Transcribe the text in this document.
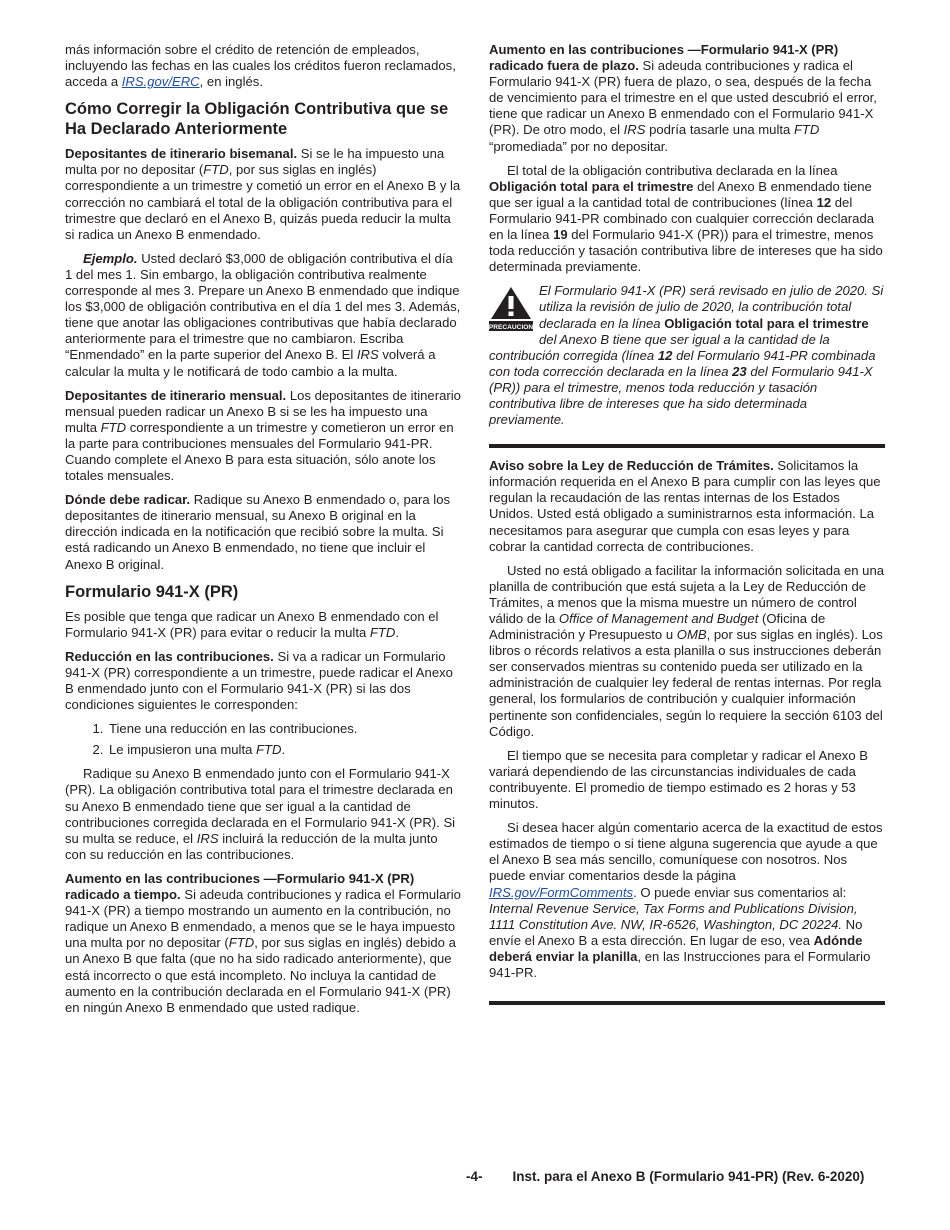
más información sobre el crédito de retención de empleados, incluyendo las fechas en las cuales los créditos fueron reclamados, acceda a IRS.gov/ERC, en inglés.

Cómo Corregir la Obligación Contributiva que se Ha Declarado Anteriormente

Depositantes de itinerario bisemanal. Si se le ha impuesto una multa por no depositar (FTD, por sus siglas en inglés) correspondiente a un trimestre y cometió un error en el Anexo B y la corrección no cambiará el total de la obligación contributiva para el trimestre que declaró en el Anexo B, quizás pueda reducir la multa si radica un Anexo B enmendado.

Ejemplo. Usted declaró $3,000 de obligación contributiva el día 1 del mes 1. Sin embargo, la obligación contributiva realmente corresponde al mes 3. Prepare un Anexo B enmendado que indique los $3,000 de obligación contributiva en el día 1 del mes 3. Además, tiene que anotar las obligaciones contributivas que había declarado anteriormente para el trimestre que no cambiaron. Escriba “Enmendado” en la parte superior del Anexo B. El IRS volverá a calcular la multa y le notificará de todo cambio a la multa.

Depositantes de itinerario mensual. Los depositantes de itinerario mensual pueden radicar un Anexo B si se les ha impuesto una multa FTD correspondiente a un trimestre y cometieron un error en la parte para contribuciones mensuales del Formulario 941-PR. Cuando complete el Anexo B para esta situación, sólo anote los totales mensuales.

Dónde debe radicar. Radique su Anexo B enmendado o, para los depositantes de itinerario mensual, su Anexo B original en la dirección indicada en la notificación que recibió sobre la multa. Si está radicando un Anexo B enmendado, no tiene que incluir el Anexo B original.

Formulario 941-X (PR)

Es posible que tenga que radicar un Anexo B enmendado con el Formulario 941-X (PR) para evitar o reducir la multa FTD.

Reducción en las contribuciones. Si va a radicar un Formulario 941-X (PR) correspondiente a un trimestre, puede radicar el Anexo B enmendado junto con el Formulario 941-X (PR) si las dos condiciones siguientes le corresponden:

1. Tiene una reducción en las contribuciones.
2. Le impusieron una multa FTD.

Radique su Anexo B enmendado junto con el Formulario 941-X (PR). La obligación contributiva total para el trimestre declarada en su Anexo B enmendado tiene que ser igual a la cantidad de contribuciones corregida declarada en el Formulario 941-X (PR). Si su multa se reduce, el IRS incluirá la reducción de la multa junto con su reducción en las contribuciones.

Aumento en las contribuciones —Formulario 941-X (PR) radicado a tiempo. Si adeuda contribuciones y radica el Formulario 941-X (PR) a tiempo mostrando un aumento en la contribución, no radique un Anexo B enmendado, a menos que se le haya impuesto una multa por no depositar (FTD, por sus siglas en inglés) debido a un Anexo B que falta (que no ha sido radicado anteriormente), que está incorrecto o que está incompleto. No incluya la cantidad de aumento en la contribución declarada en el Formulario 941-X (PR) en ningún Anexo B enmendado que usted radique.

Aumento en las contribuciones —Formulario 941-X (PR) radicado fuera de plazo. Si adeuda contribuciones y radica el Formulario 941-X (PR) fuera de plazo, o sea, después de la fecha de vencimiento para el trimestre en el que usted descubrió el error, tiene que radicar un Anexo B enmendado con el Formulario 941-X (PR). De otro modo, el IRS podría tasarle una multa FTD “promediada” por no depositar.

El total de la obligación contributiva declarada en la línea Obligación total para el trimestre del Anexo B enmendado tiene que ser igual a la cantidad total de contribuciones (línea 12 del Formulario 941-PR combinado con cualquier corrección declarada en la línea 19 del Formulario 941-X (PR)) para el trimestre, menos toda reducción y tasación contributiva libre de intereses que ha sido determinada previamente.

PRECAUCION
El Formulario 941-X (PR) será revisado en julio de 2020. Si utiliza la revisión de julio de 2020, la contribución total declarada en la línea Obligación total para el trimestre del Anexo B tiene que ser igual a la cantidad de la contribución corregida (línea 12 del Formulario 941-PR combinada con toda corrección declarada en la línea 23 del Formulario 941-X (PR)) para el trimestre, menos toda reducción y tasación contributiva libre de intereses que ha sido determinada previamente.

Aviso sobre la Ley de Reducción de Trámites. Solicitamos la información requerida en el Anexo B para cumplir con las leyes que regulan la recaudación de las rentas internas de los Estados Unidos. Usted está obligado a suministrarnos esta información. La necesitamos para asegurar que cumpla con esas leyes y para cobrar la cantidad correcta de contribuciones.

Usted no está obligado a facilitar la información solicitada en una planilla de contribución que está sujeta a la Ley de Reducción de Trámites, a menos que la misma muestre un número de control válido de la Office of Management and Budget (Oficina de Administración y Presupuesto u OMB, por sus siglas en inglés). Los libros o récords relativos a esta planilla o sus instrucciones deberán ser conservados mientras su contenido pueda ser utilizado en la administración de cualquier ley federal de rentas internas. Por regla general, los formularios de contribución y cualquier información pertinente son confidenciales, según lo requiere la sección 6103 del Código.

El tiempo que se necesita para completar y radicar el Anexo B variará dependiendo de las circunstancias individuales de cada contribuyente. El promedio de tiempo estimado es 2 horas y 53 minutos.

Si desea hacer algún comentario acerca de la exactitud de estos estimados de tiempo o si tiene alguna sugerencia que ayude a que el Anexo B sea más sencillo, comuníquese con nosotros. Nos puede enviar comentarios desde la página IRS.gov/FormComments. O puede enviar sus comentarios al: Internal Revenue Service, Tax Forms and Publications Division, 1111 Constitution Ave. NW, IR-6526, Washington, DC 20224. No envíe el Anexo B a esta dirección. En lugar de eso, vea Adónde deberá enviar la planilla, en las Instrucciones para el Formulario 941-PR.

-4- Inst. para el Anexo B (Formulario 941-PR) (Rev. 6-2020)
